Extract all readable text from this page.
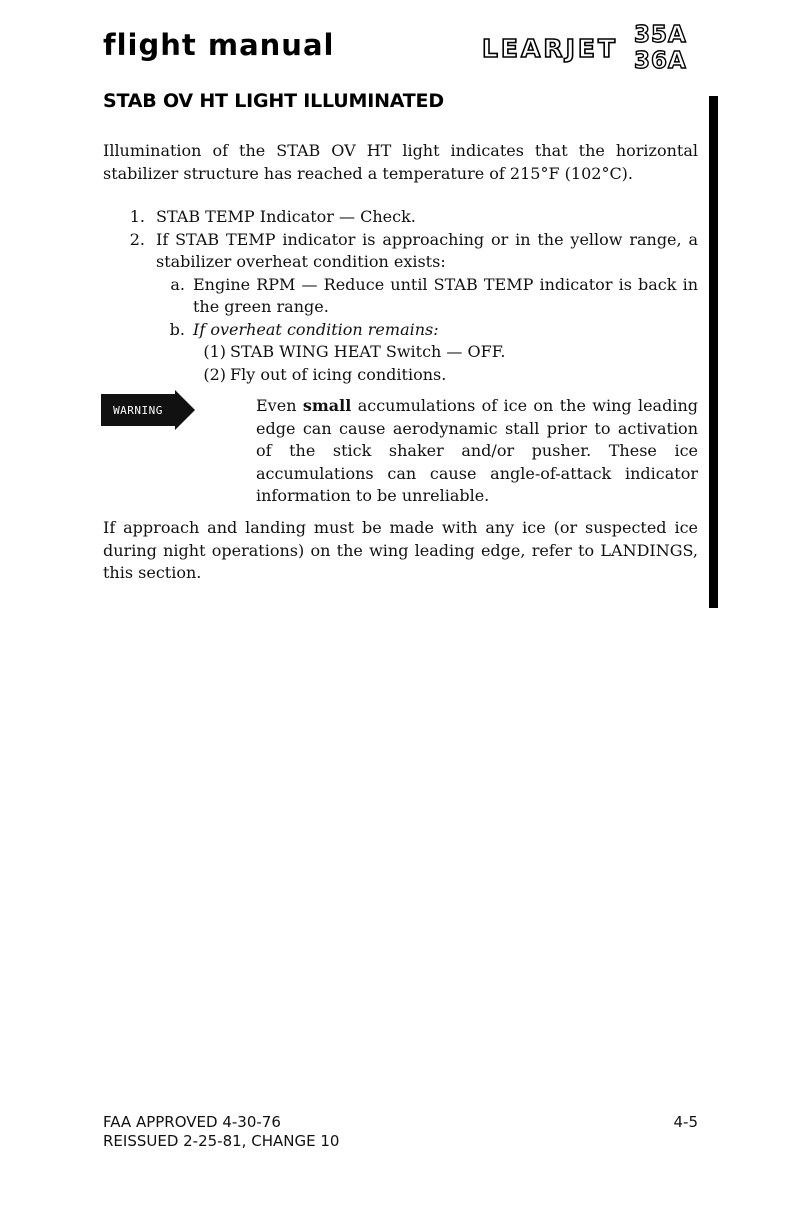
flight manual	LEARJET 35A
36A
STAB OV HT LIGHT ILLUMINATED

Illumination of the STAB OV HT light indicates that the horizontal stabilizer structure has reached a temperature of 215°F (102°C).

1. STAB TEMP Indicator — Check.
2. If STAB TEMP indicator is approaching or in the yellow range, a stabilizer overheat condition exists:
a. Engine RPM — Reduce until STAB TEMP indicator is back in the green range.
b. If overheat condition remains:
(1) STAB WING HEAT Switch — OFF.
(2) Fly out of icing conditions.
WARNING	Even small accumulations of ice on the wing leading edge can cause aerodynamic stall prior to activation of the stick shaker and/or pusher. These ice accumulations can cause angle-of-attack indicator information to be unreliable.

If approach and landing must be made with any ice (or suspected ice during night operations) on the wing leading edge, refer to LANDINGS, this section.

FAA APPROVED 4-30-76
REISSUED 2-25-81, CHANGE 10
4-5
